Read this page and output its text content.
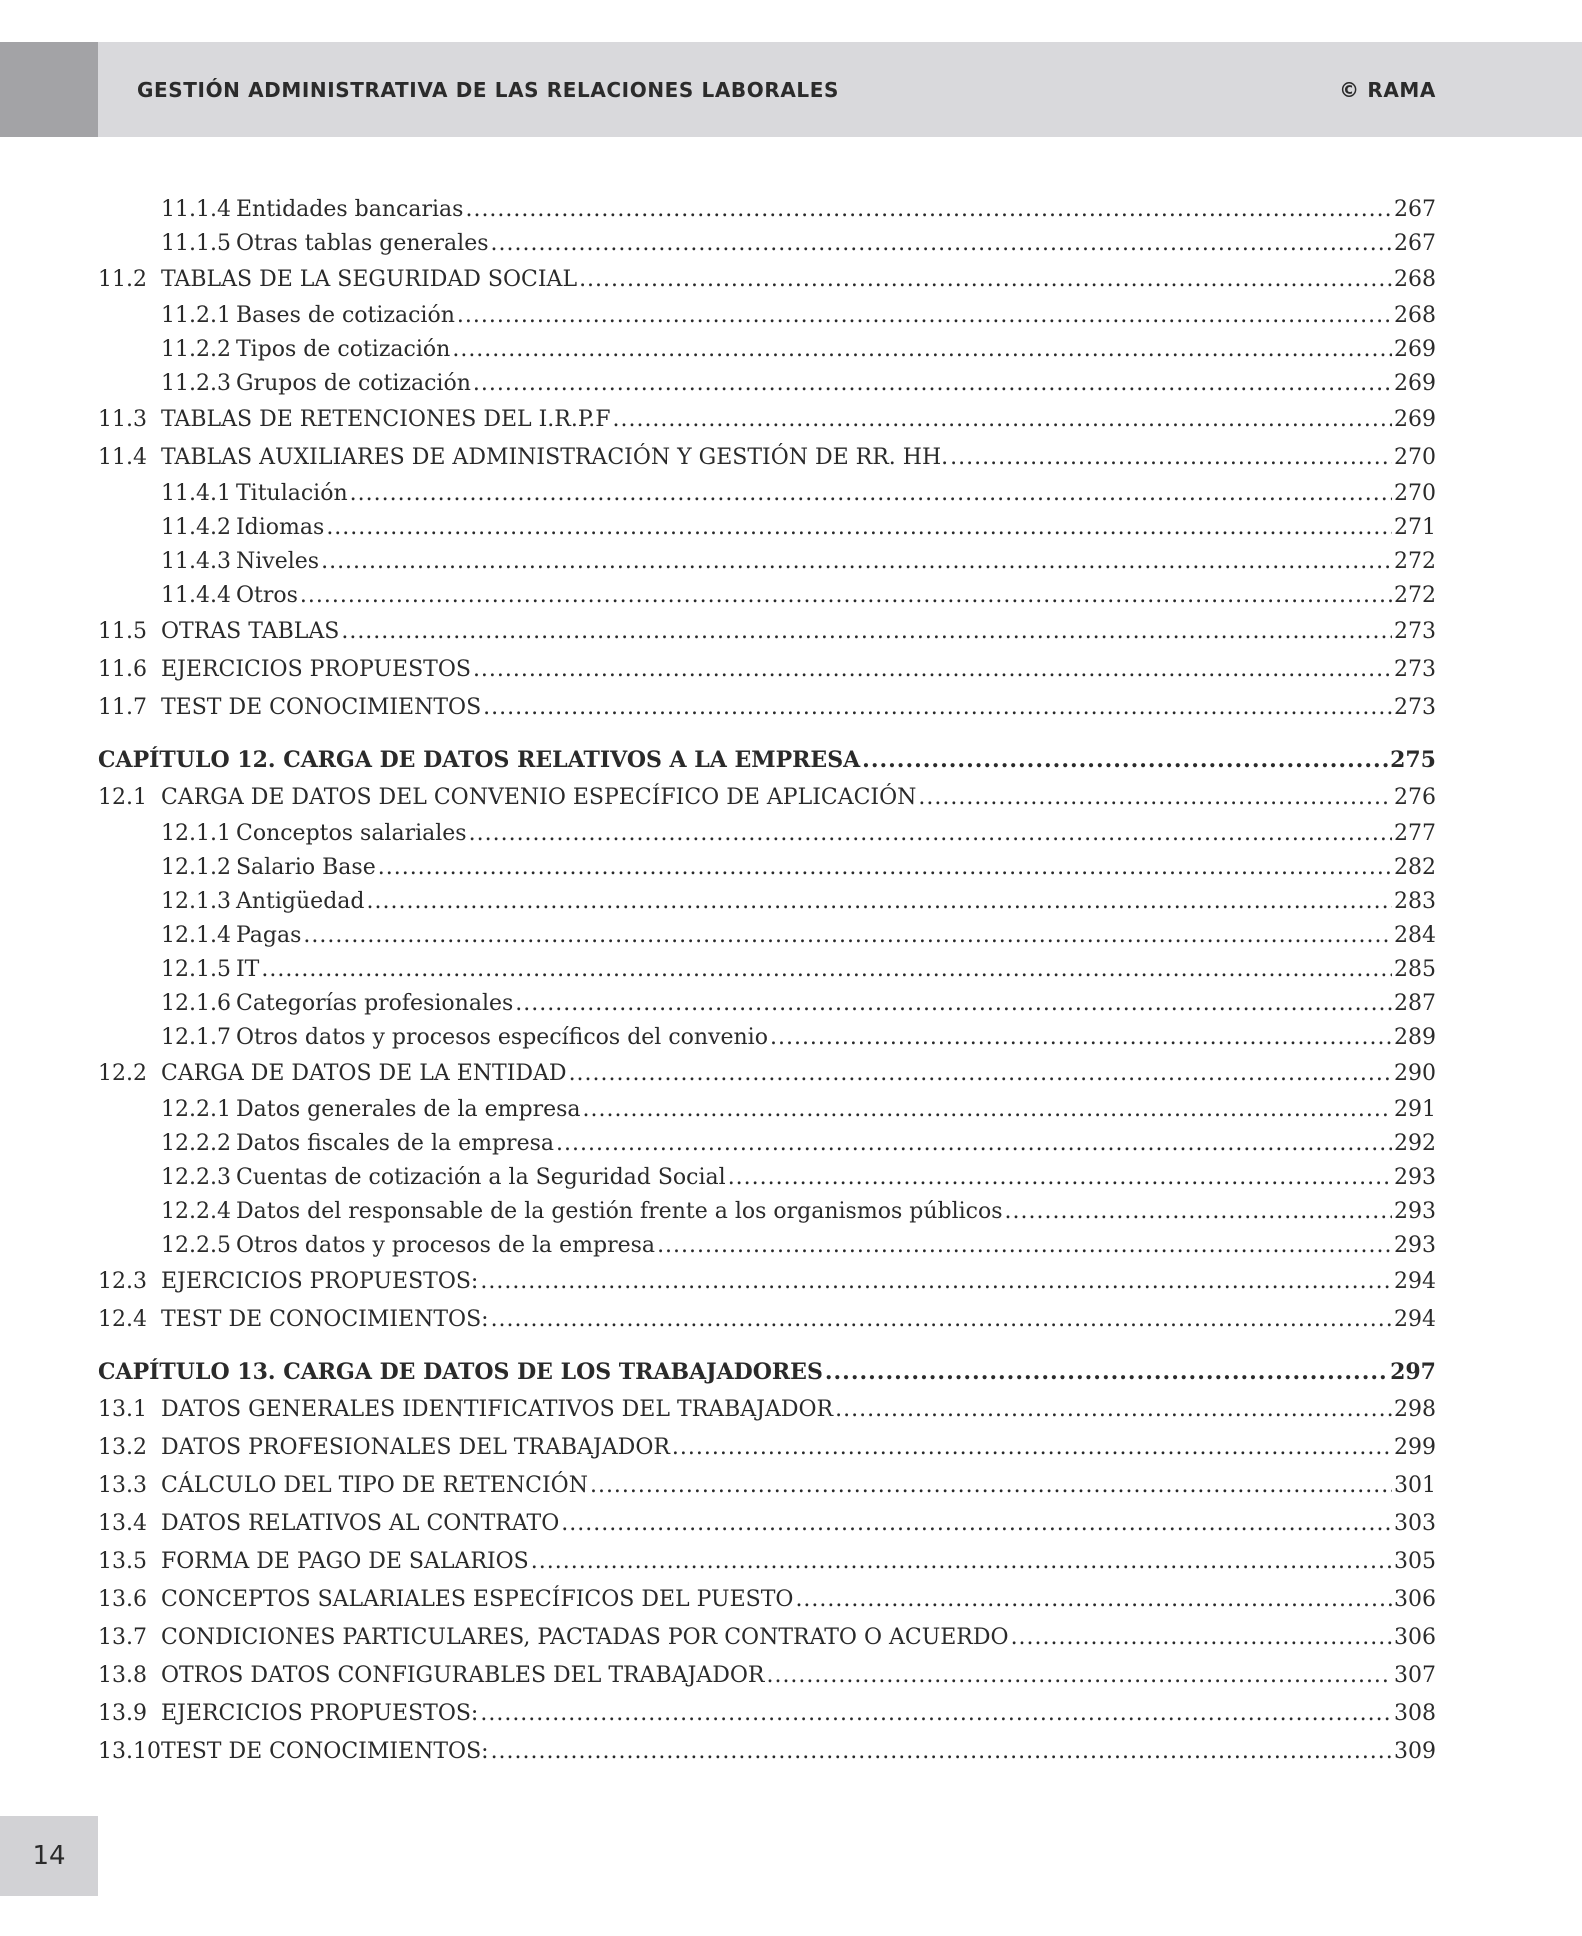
GESTIÓN ADMINISTRATIVA DE LAS RELACIONES LABORALES	© RAMA
11.1.4 Entidades bancarias .....	267
11.1.5 Otras tablas generales .....	267
11.2 TABLAS DE LA SEGURIDAD SOCIAL .....	268
11.2.1 Bases de cotización .....	268
11.2.2 Tipos de cotización .....	269
11.2.3 Grupos de cotización .....	269
11.3 TABLAS DE RETENCIONES DEL I.R.P.F .....	269
11.4 TABLAS AUXILIARES DE ADMINISTRACIÓN Y GESTIÓN DE RR. HH. .....	270
11.4.1 Titulación .....	270
11.4.2 Idiomas .....	271
11.4.3 Niveles .....	272
11.4.4 Otros .....	272
11.5 OTRAS TABLAS .....	273
11.6 EJERCICIOS PROPUESTOS .....	273
11.7 TEST DE CONOCIMIENTOS .....	273
CAPÍTULO 12. CARGA DE DATOS RELATIVOS A LA EMPRESA .....	275
12.1 CARGA DE DATOS DEL CONVENIO ESPECÍFICO DE APLICACIÓN .....	276
12.1.1 Conceptos salariales .....	277
12.1.2 Salario Base .....	282
12.1.3 Antigüedad .....	283
12.1.4 Pagas .....	284
12.1.5 IT .....	285
12.1.6 Categorías profesionales .....	287
12.1.7 Otros datos y procesos específicos del convenio .....	289
12.2 CARGA DE DATOS DE LA ENTIDAD .....	290
12.2.1 Datos generales de la empresa .....	291
12.2.2 Datos fiscales de la empresa .....	292
12.2.3 Cuentas de cotización a la Seguridad Social .....	293
12.2.4 Datos del responsable de la gestión frente a los organismos públicos .....	293
12.2.5 Otros datos y procesos de la empresa .....	293
12.3 EJERCICIOS PROPUESTOS: .....	294
12.4 TEST DE CONOCIMIENTOS: .....	294
CAPÍTULO 13. CARGA DE DATOS DE LOS TRABAJADORES .....	297
13.1 DATOS GENERALES IDENTIFICATIVOS DEL TRABAJADOR .....	298
13.2 DATOS PROFESIONALES DEL TRABAJADOR .....	299
13.3 CÁLCULO DEL TIPO DE RETENCIÓN .....	301
13.4 DATOS RELATIVOS AL CONTRATO .....	303
13.5 FORMA DE PAGO DE SALARIOS .....	305
13.6 CONCEPTOS SALARIALES ESPECÍFICOS DEL PUESTO .....	306
13.7 CONDICIONES PARTICULARES, PACTADAS POR CONTRATO O ACUERDO .....	306
13.8 OTROS DATOS CONFIGURABLES DEL TRABAJADOR .....	307
13.9 EJERCICIOS PROPUESTOS: .....	308
13.10 TEST DE CONOCIMIENTOS: .....	309
14
